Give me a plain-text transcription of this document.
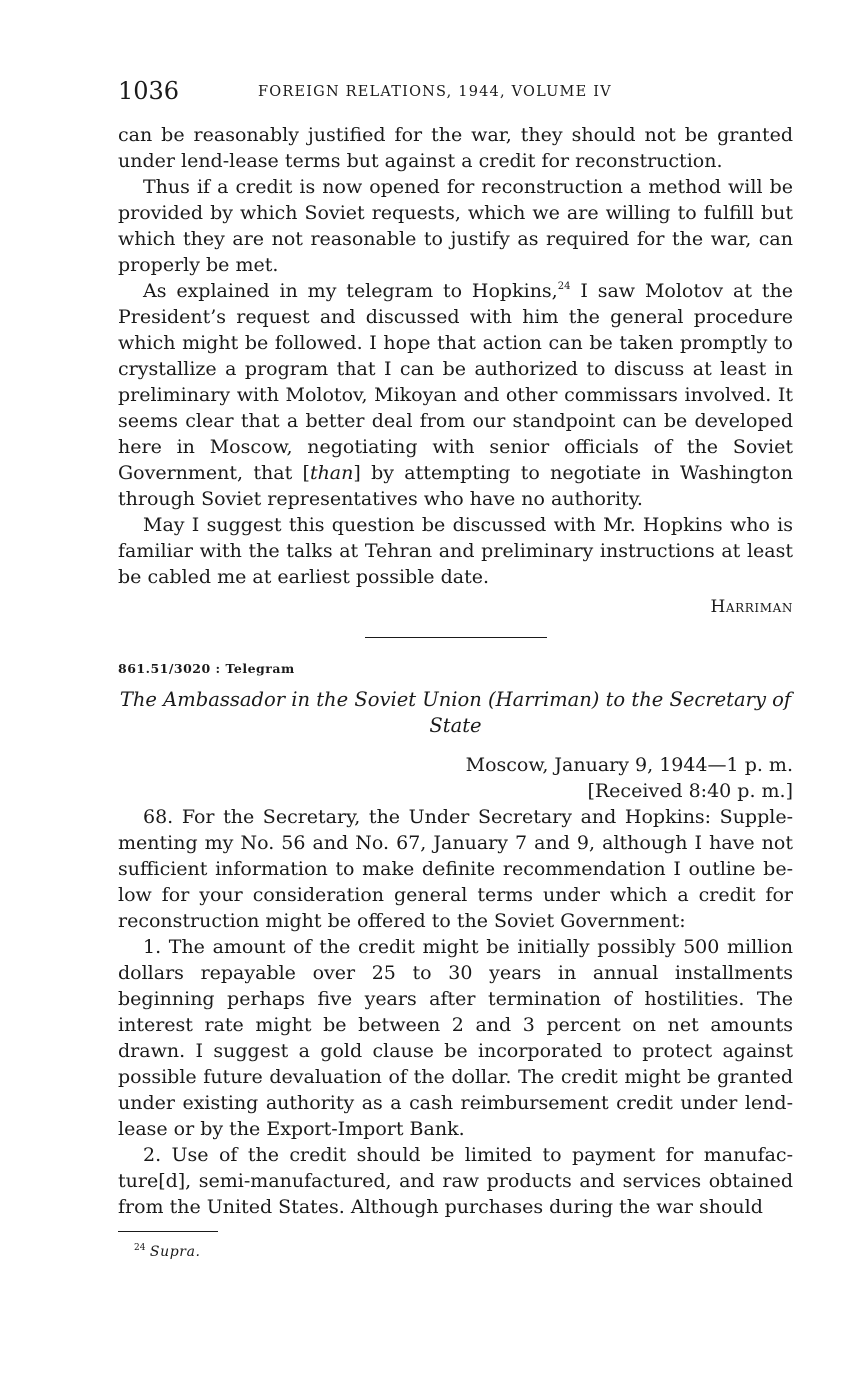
1036	FOREIGN RELATIONS, 1944, VOLUME IV

can be reasonably justified for the war, they should not be granted under lend-lease terms but against a credit for reconstruction.

Thus if a credit is now opened for reconstruction a method will be provided by which Soviet requests, which we are willing to fulfill but which they are not reasonable to justify as required for the war, can properly be met.

As explained in my telegram to Hopkins,$^{24}$ I saw Molotov at the President’s request and discussed with him the general procedure which might be followed. I hope that action can be taken promptly to crystallize a program that I can be authorized to discuss at least in preliminary with Molotov, Mikoyan and other commissars involved. It seems clear that a better deal from our standpoint can be developed here in Moscow, negotiating with senior officials of the Soviet Government, that [than] by attempting to negotiate in Washington through Soviet representatives who have no authority.

May I suggest this question be discussed with Mr. Hopkins who is familiar with the talks at Tehran and preliminary instructions at least be cabled me at earliest possible date.

Harriman
861.51/3020 : Telegram
The Ambassador in the Soviet Union (Harriman) to the Secretary of State

Moscow, January 9, 1944—1 p. m.

[Received 8:40 p. m.]

68. For the Secretary, the Under Secretary and Hopkins: Supplementing my No. 56 and No. 67, January 7 and 9, although I have not sufficient information to make definite recommendation I outline below for your consideration general terms under which a credit for reconstruction might be offered to the Soviet Government:

1. The amount of the credit might be initially possibly 500 million dollars repayable over 25 to 30 years in annual installments beginning perhaps five years after termination of hostilities. The interest rate might be between 2 and 3 percent on net amounts drawn. I suggest a gold clause be incorporated to protect against possible future devaluation of the dollar. The credit might be granted under existing authority as a cash reimbursement credit under lend-lease or by the Export-Import Bank.

2. Use of the credit should be limited to payment for manufacture[d], semi-manufactured, and raw products and services obtained from the United States. Although purchases during the war should

$^{24}$ Supra.
